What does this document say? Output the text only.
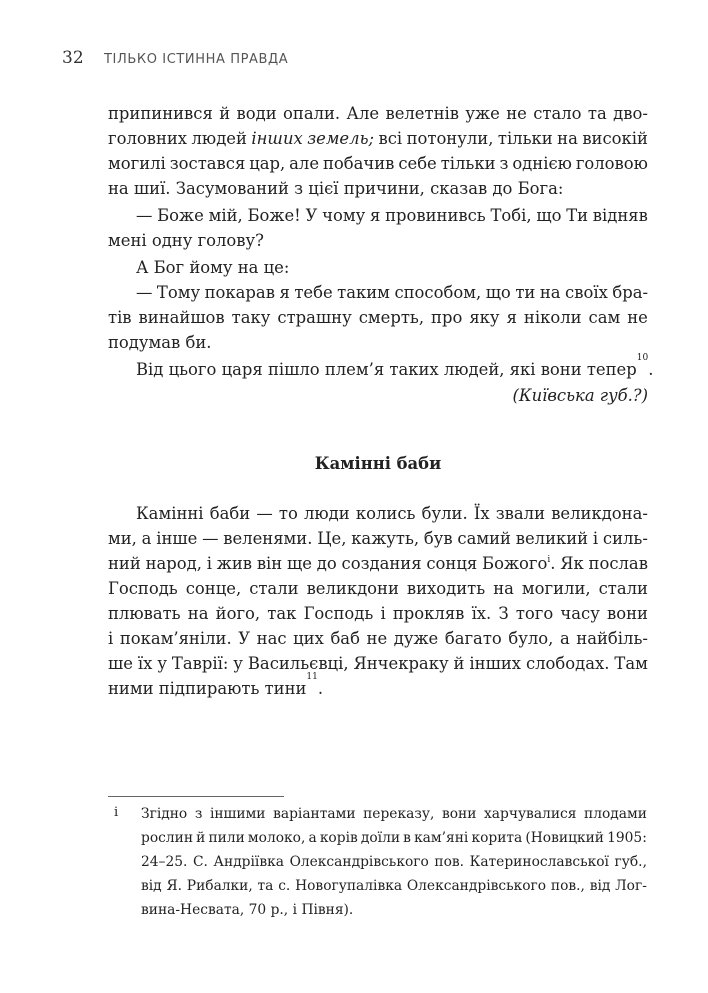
32	ТІЛЬКО ІСТИННА ПРАВДА
припинився й води опали. Але велетнів уже не стало та дво-
головних людей інших земель; всі потонули, тільки на високій
могилі зостався цар, але побачив себе тільки з однією головою
на шиї. Засумований з цієї причини, сказав до Бога:
— Боже мій, Боже! У чому я провинивсь Тобі, що Ти відняв
мені одну голову?
А Бог йому на це:
— Тому покарав я тебе таким способом, що ти на своїх бра-
тів винайшов таку страшну смерть, про яку я ніколи сам не
подумав би.
Від цього царя пішло плем’я таких людей, які вони тепер
10
.
(Київська губ.?)
Камінні баби
Камінні баби — то люди колись були. Їх звали великдона-
ми, а інше — веленями. Це, кажуть, був самий великий і силь-
ний народ, і жив він ще до создания сонця Божого$^i$. Як послав
Господь сонце, стали великдони виходить на могили, стали
плювать на його, так Господь і прокляв їх. З того часу вони
і покам’яніли. У нас цих баб не дуже багато було, а найбіль-
ше їх у Таврії: у Васильєвці, Янчекраку й інших слободах. Там
ними підпирають тини
11
.
i Згідно з іншими варіантами переказу, вони харчувалися плодами
рослин й пили молоко, а корів доїли в кам’яні корита (Новицкий 1905:
24–25. С. Андріївка Олександрівського пов. Катеринославської губ.,
від Я. Рибалки, та с. Новогупалівка Олександрівського пов., від Лог-
вина-Несвата, 70 р., і Півня).
